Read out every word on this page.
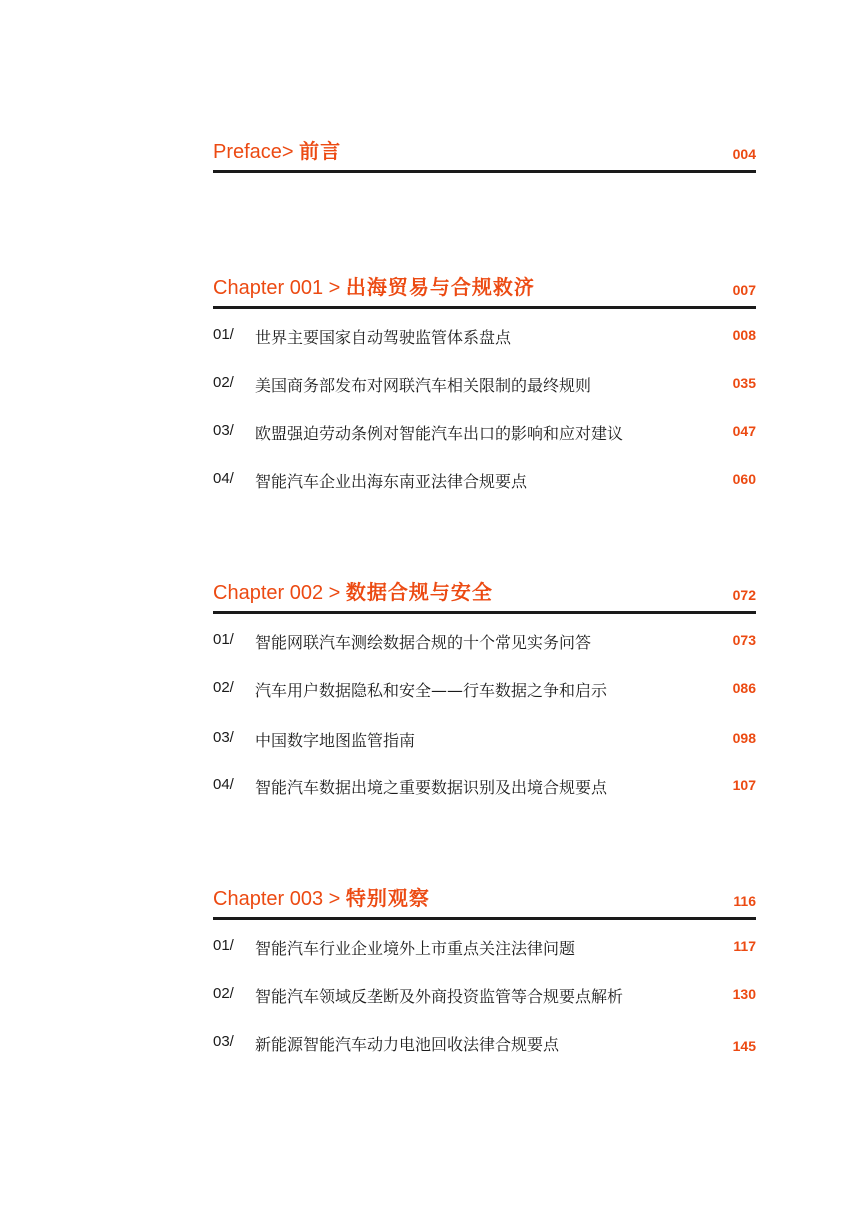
Preface> 前言	004
Chapter 001 > 出海贸易与合规救济	007
01/ 世界主要国家自动驾驶监管体系盘点	008
02/ 美国商务部发布对网联汽车相关限制的最终规则	035
03/ 欧盟强迫劳动条例对智能汽车出口的影响和应对建议	047
04/ 智能汽车企业出海东南亚法律合规要点	060
Chapter 002 > 数据合规与安全	072
01/ 智能网联汽车测绘数据合规的十个常见实务问答	073
02/ 汽车用户数据隐私和安全——行车数据之争和启示	086
03/ 中国数字地图监管指南	098
04/ 智能汽车数据出境之重要数据识别及出境合规要点	107
Chapter 003 > 特别观察	116
01/ 智能汽车行业企业境外上市重点关注法律问题	117
02/ 智能汽车领域反垄断及外商投资监管等合规要点解析	130
03/ 新能源智能汽车动力电池回收法律合规要点	145
